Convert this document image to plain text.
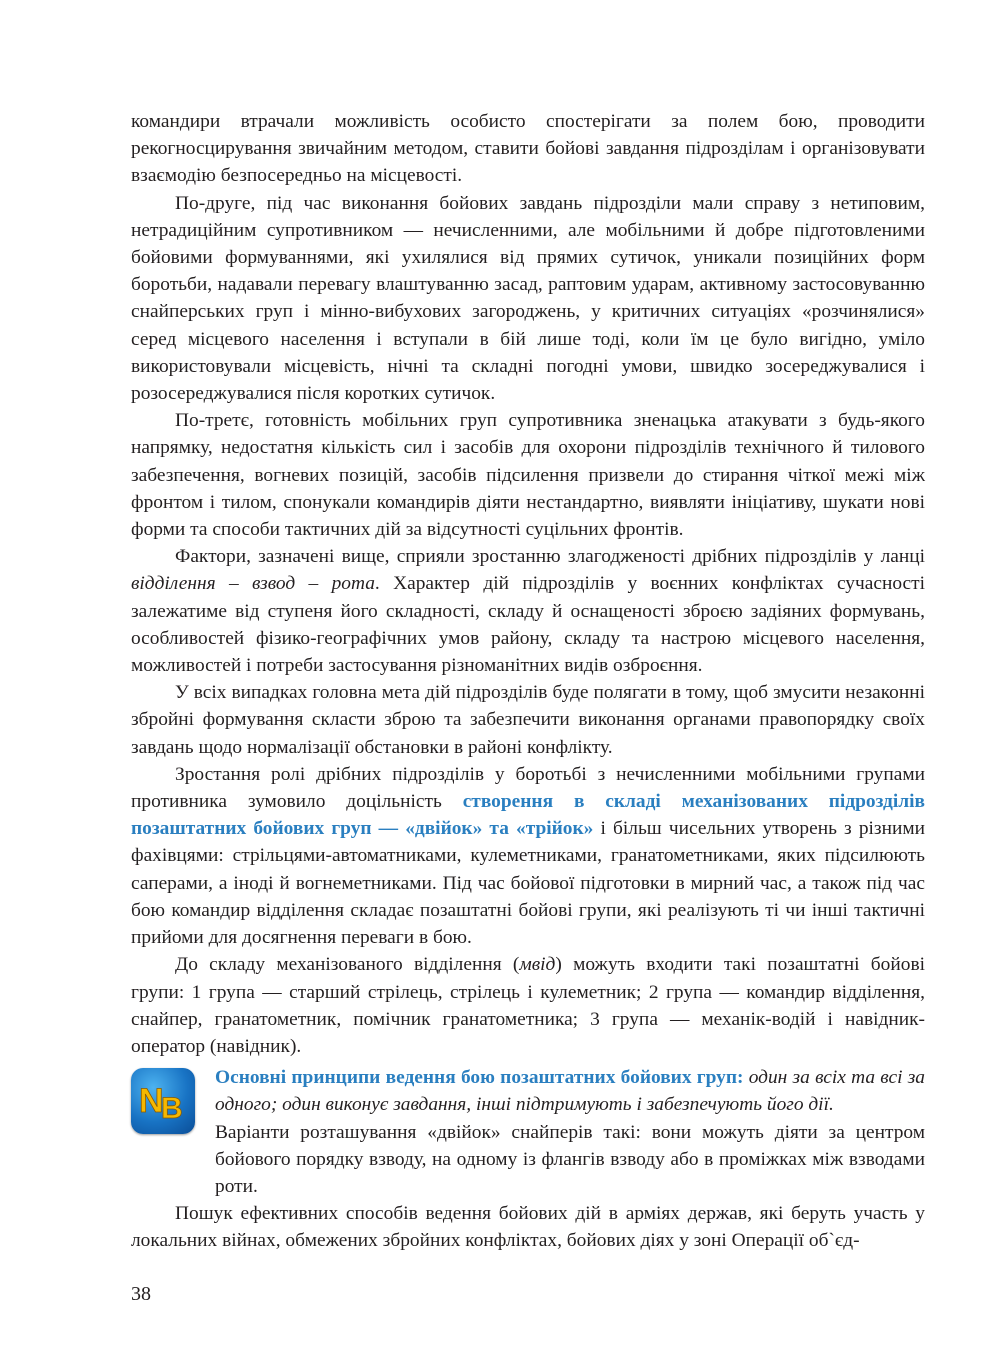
командири втрачали можливість особисто спостерігати за полем бою, проводити рекогносцирування звичайним методом, ставити бойові завдання підрозділам і організовувати взаємодію безпосередньо на місцевості.

По-друге, під час виконання бойових завдань підрозділи мали справу з нетиповим, нетрадиційним супротивником — нечисленними, але мобільними й добре підготовленими бойовими формуваннями, які ухилялися від прямих сутичок, уникали позиційних форм боротьби, надавали перевагу влаштуванню засад, раптовим ударам, активному застосовуванню снайперських груп і мінно-вибухових загороджень, у критичних ситуаціях «розчинялися» серед місцевого населення і вступали в бій лише тоді, коли їм це було вигідно, уміло використовували місцевість, нічні та складні погодні умови, швидко зосереджувалися і розосереджувалися після коротких сутичок.

По-третє, готовність мобільних груп супротивника зненацька атакувати з будь-якого напрямку, недостатня кількість сил і засобів для охорони підрозділів технічного й тилового забезпечення, вогневих позицій, засобів підсилення призвели до стирання чіткої межі між фронтом і тилом, спонукали командирів діяти нестандартно, виявляти ініціативу, шукати нові форми та способи тактичних дій за відсутності суцільних фронтів.

Фактори, зазначені вище, сприяли зростанню злагодженості дрібних підрозділів у ланці відділення – взвод – рота. Характер дій підрозділів у воєнних конфліктах сучасності залежатиме від ступеня його складності, складу й оснащеності зброєю задіяних формувань, особливостей фізико-географічних умов району, складу та настрою місцевого населення, можливостей і потреби застосування різноманітних видів озброєння.

У всіх випадках головна мета дій підрозділів буде полягати в тому, щоб змусити незаконні збройні формування скласти зброю та забезпечити виконання органами правопорядку своїх завдань щодо нормалізації обстановки в районі конфлікту.

Зростання ролі дрібних підрозділів у боротьбі з нечисленними мобільними групами противника зумовило доцільність створення в складі механізованих підрозділів позаштатних бойових груп — «двійок» та «трійок» і більш чисельних утворень з різними фахівцями: стрільцями-автоматниками, кулеметниками, гранатометниками, яких підсилюють саперами, а іноді й вогнеметниками. Під час бойової підготовки в мирний час, а також під час бою командир відділення складає позаштатні бойові групи, які реалізують ті чи інші тактичні прийоми для досягнення переваги в бою.

До складу механізованого відділення (мвід) можуть входити такі позаштатні бойові групи: 1 група — старший стрілець, стрілець і кулеметник; 2 група — командир відділення, снайпер, гранатометник, помічник гранатометника; 3 група — механік-водій і навідник-оператор (навідник).

N
B

Основні принципи ведення бою позаштатних бойових груп: один за всіх та всі за одного; один виконує завдання, інші підтримують і забезпечують його дії.

Варіанти розташування «двійок» снайперів такі: вони можуть діяти за центром бойового порядку взводу, на одному із флангів взводу або в проміжках між взводами роти.

Пошук ефективних способів ведення бойових дій в арміях держав, які беруть участь у локальних війнах, обмежених збройних конфліктах, бойових діях у зоні Операції об`єд-

38
